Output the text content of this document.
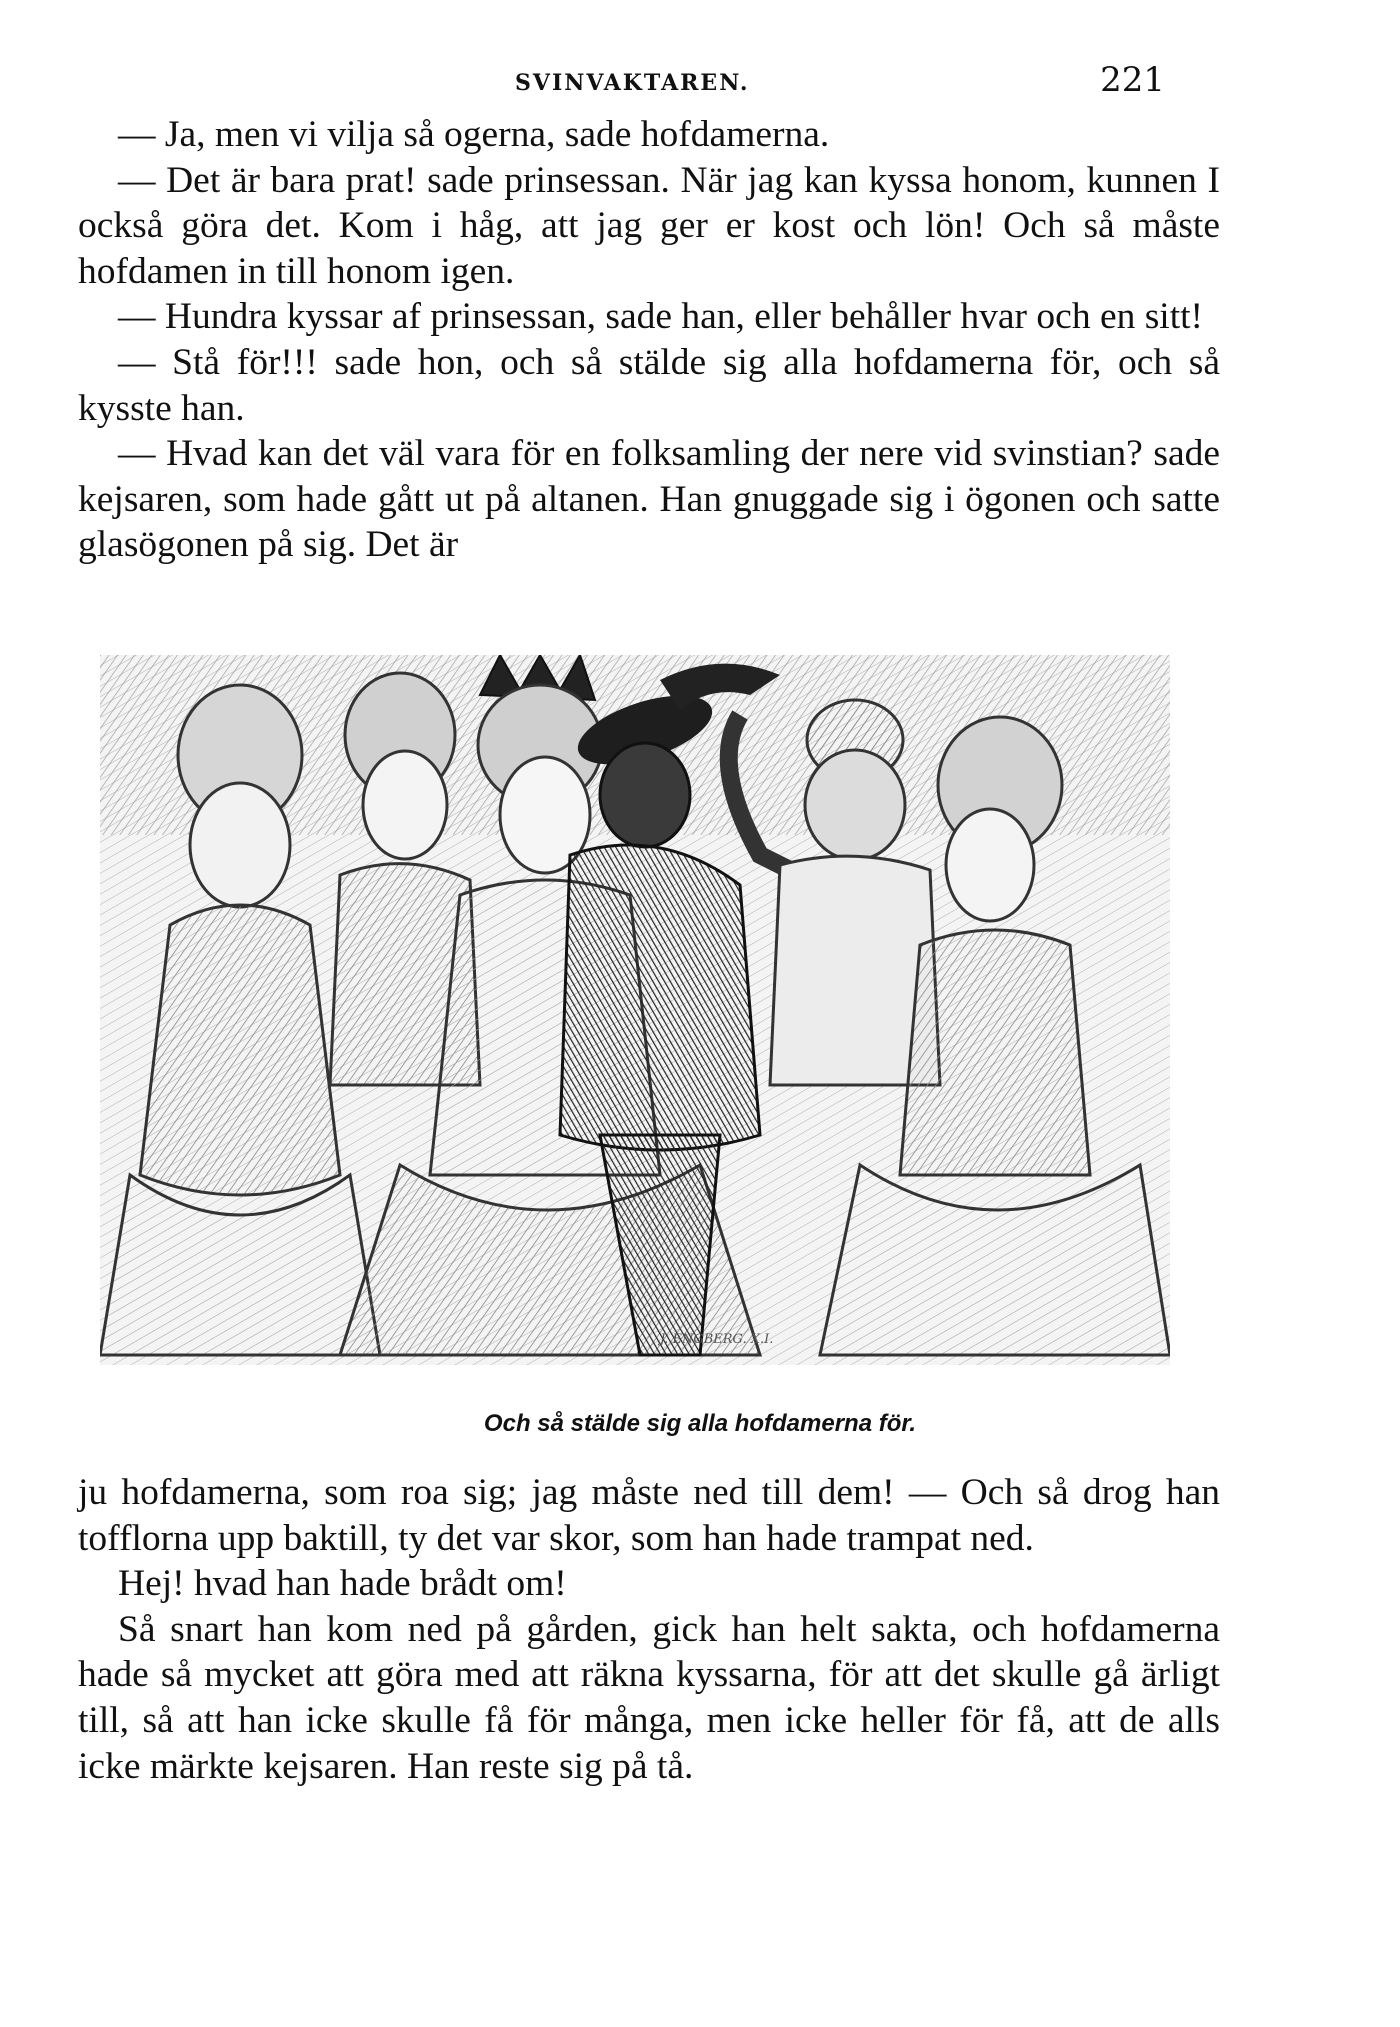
SVINVAKTAREN.	221

— Ja, men vi vilja så ogerna, sade hofdamerna.

— Det är bara prat! sade prinsessan. När jag kan kyssa honom, kunnen I också göra det. Kom i håg, att jag ger er kost och lön! Och så måste hofdamen in till honom igen.

— Hundra kyssar af prinsessan, sade han, eller behåller hvar och en sitt!

— Stå för!!! sade hon, och så stälde sig alla hofdamerna för, och så kysste han.

— Hvad kan det väl vara för en folksamling der nere vid svinstian? sade kejsaren, som hade gått ut på altanen. Han gnuggade sig i ögonen och satte glasögonen på sig. Det är

J. ENGBERG. X.I.
Och så stälde sig alla hofdamerna för.

ju hofdamerna, som roa sig; jag måste ned till dem! — Och så drog han tofflorna upp baktill, ty det var skor, som han hade trampat ned.

Hej! hvad han hade brådt om!

Så snart han kom ned på gården, gick han helt sakta, och hofdamerna hade så mycket att göra med att räkna kyssarna, för att det skulle gå ärligt till, så att han icke skulle få för många, men icke heller för få, att de alls icke märkte kejsaren. Han reste sig på tå.
